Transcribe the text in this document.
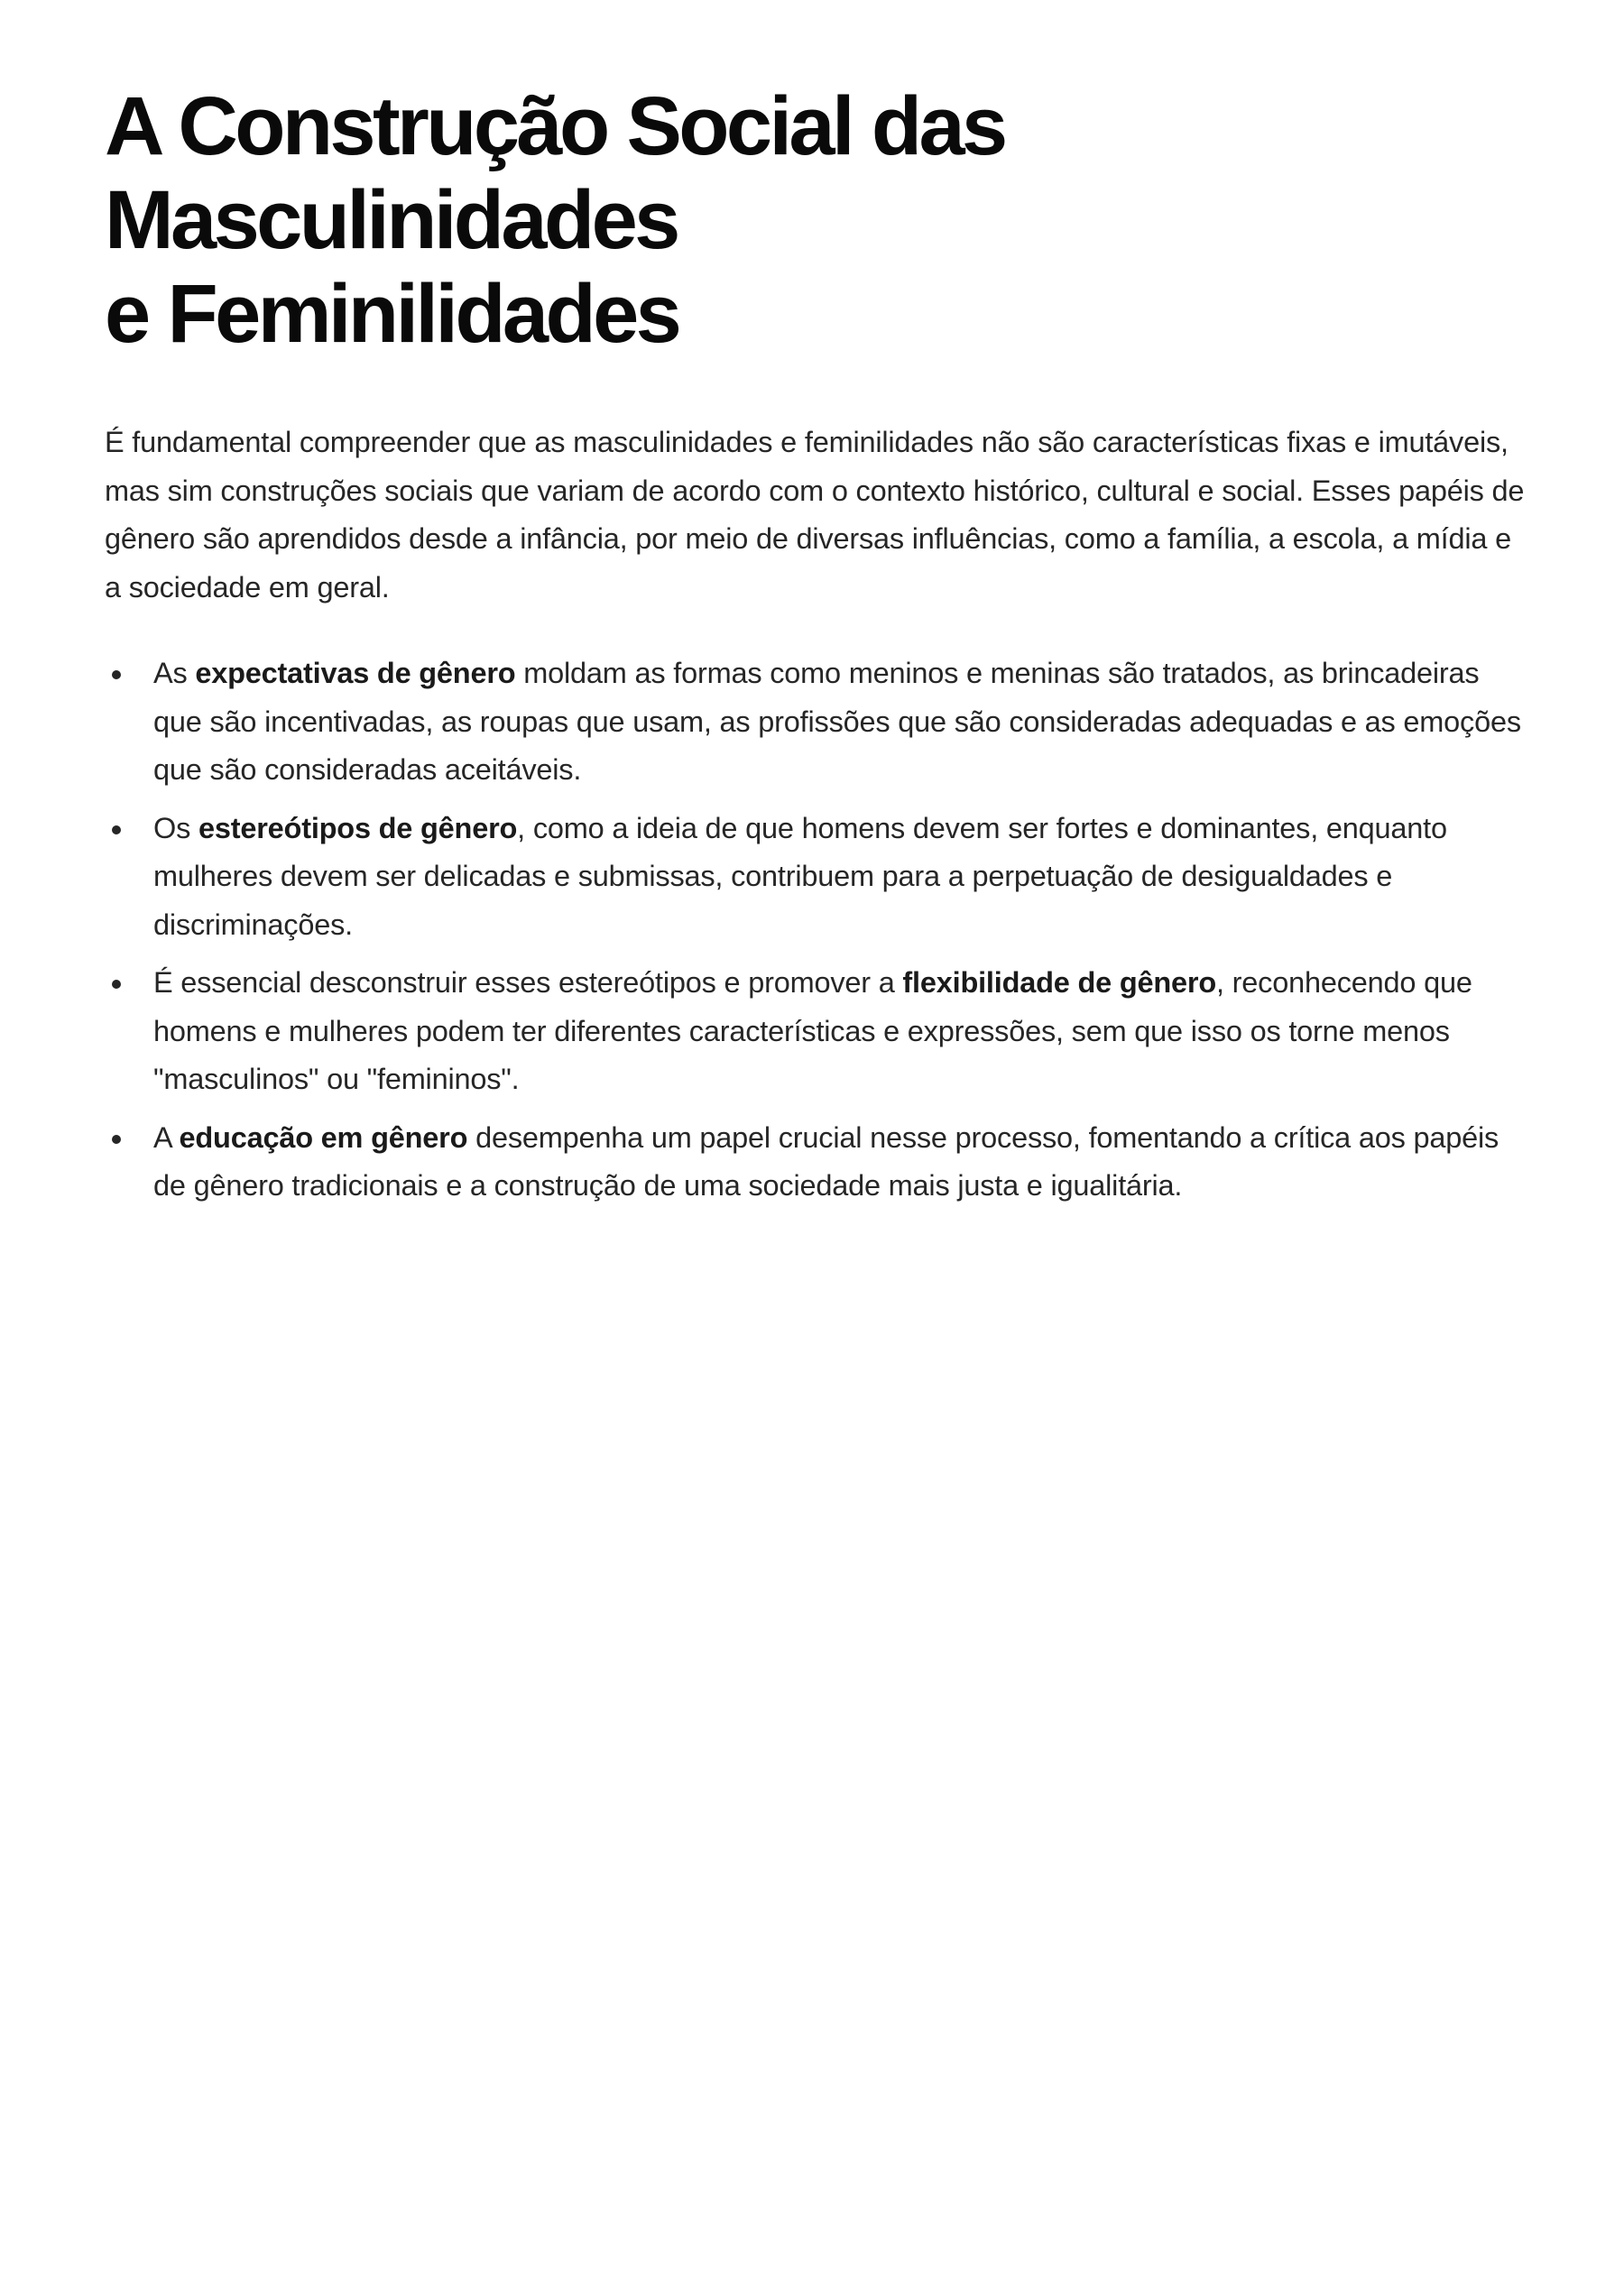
A Construção Social das Masculinidades
e Feminilidades

É fundamental compreender que as masculinidades e feminilidades não são características fixas e imutáveis, mas sim construções sociais que variam de acordo com o contexto histórico, cultural e social. Esses papéis de gênero são aprendidos desde a infância, por meio de diversas influências, como a família, a escola, a mídia e a sociedade em geral.

As expectativas de gênero moldam as formas como meninos e meninas são tratados, as brincadeiras que são incentivadas, as roupas que usam, as profissões que são consideradas adequadas e as emoções que são consideradas aceitáveis.
Os estereótipos de gênero, como a ideia de que homens devem ser fortes e dominantes, enquanto mulheres devem ser delicadas e submissas, contribuem para a perpetuação de desigualdades e discriminações.
É essencial desconstruir esses estereótipos e promover a flexibilidade de gênero, reconhecendo que homens e mulheres podem ter diferentes características e expressões, sem que isso os torne menos "masculinos" ou "femininos".
A educação em gênero desempenha um papel crucial nesse processo, fomentando a crítica aos papéis de gênero tradicionais e a construção de uma sociedade mais justa e igualitária.
